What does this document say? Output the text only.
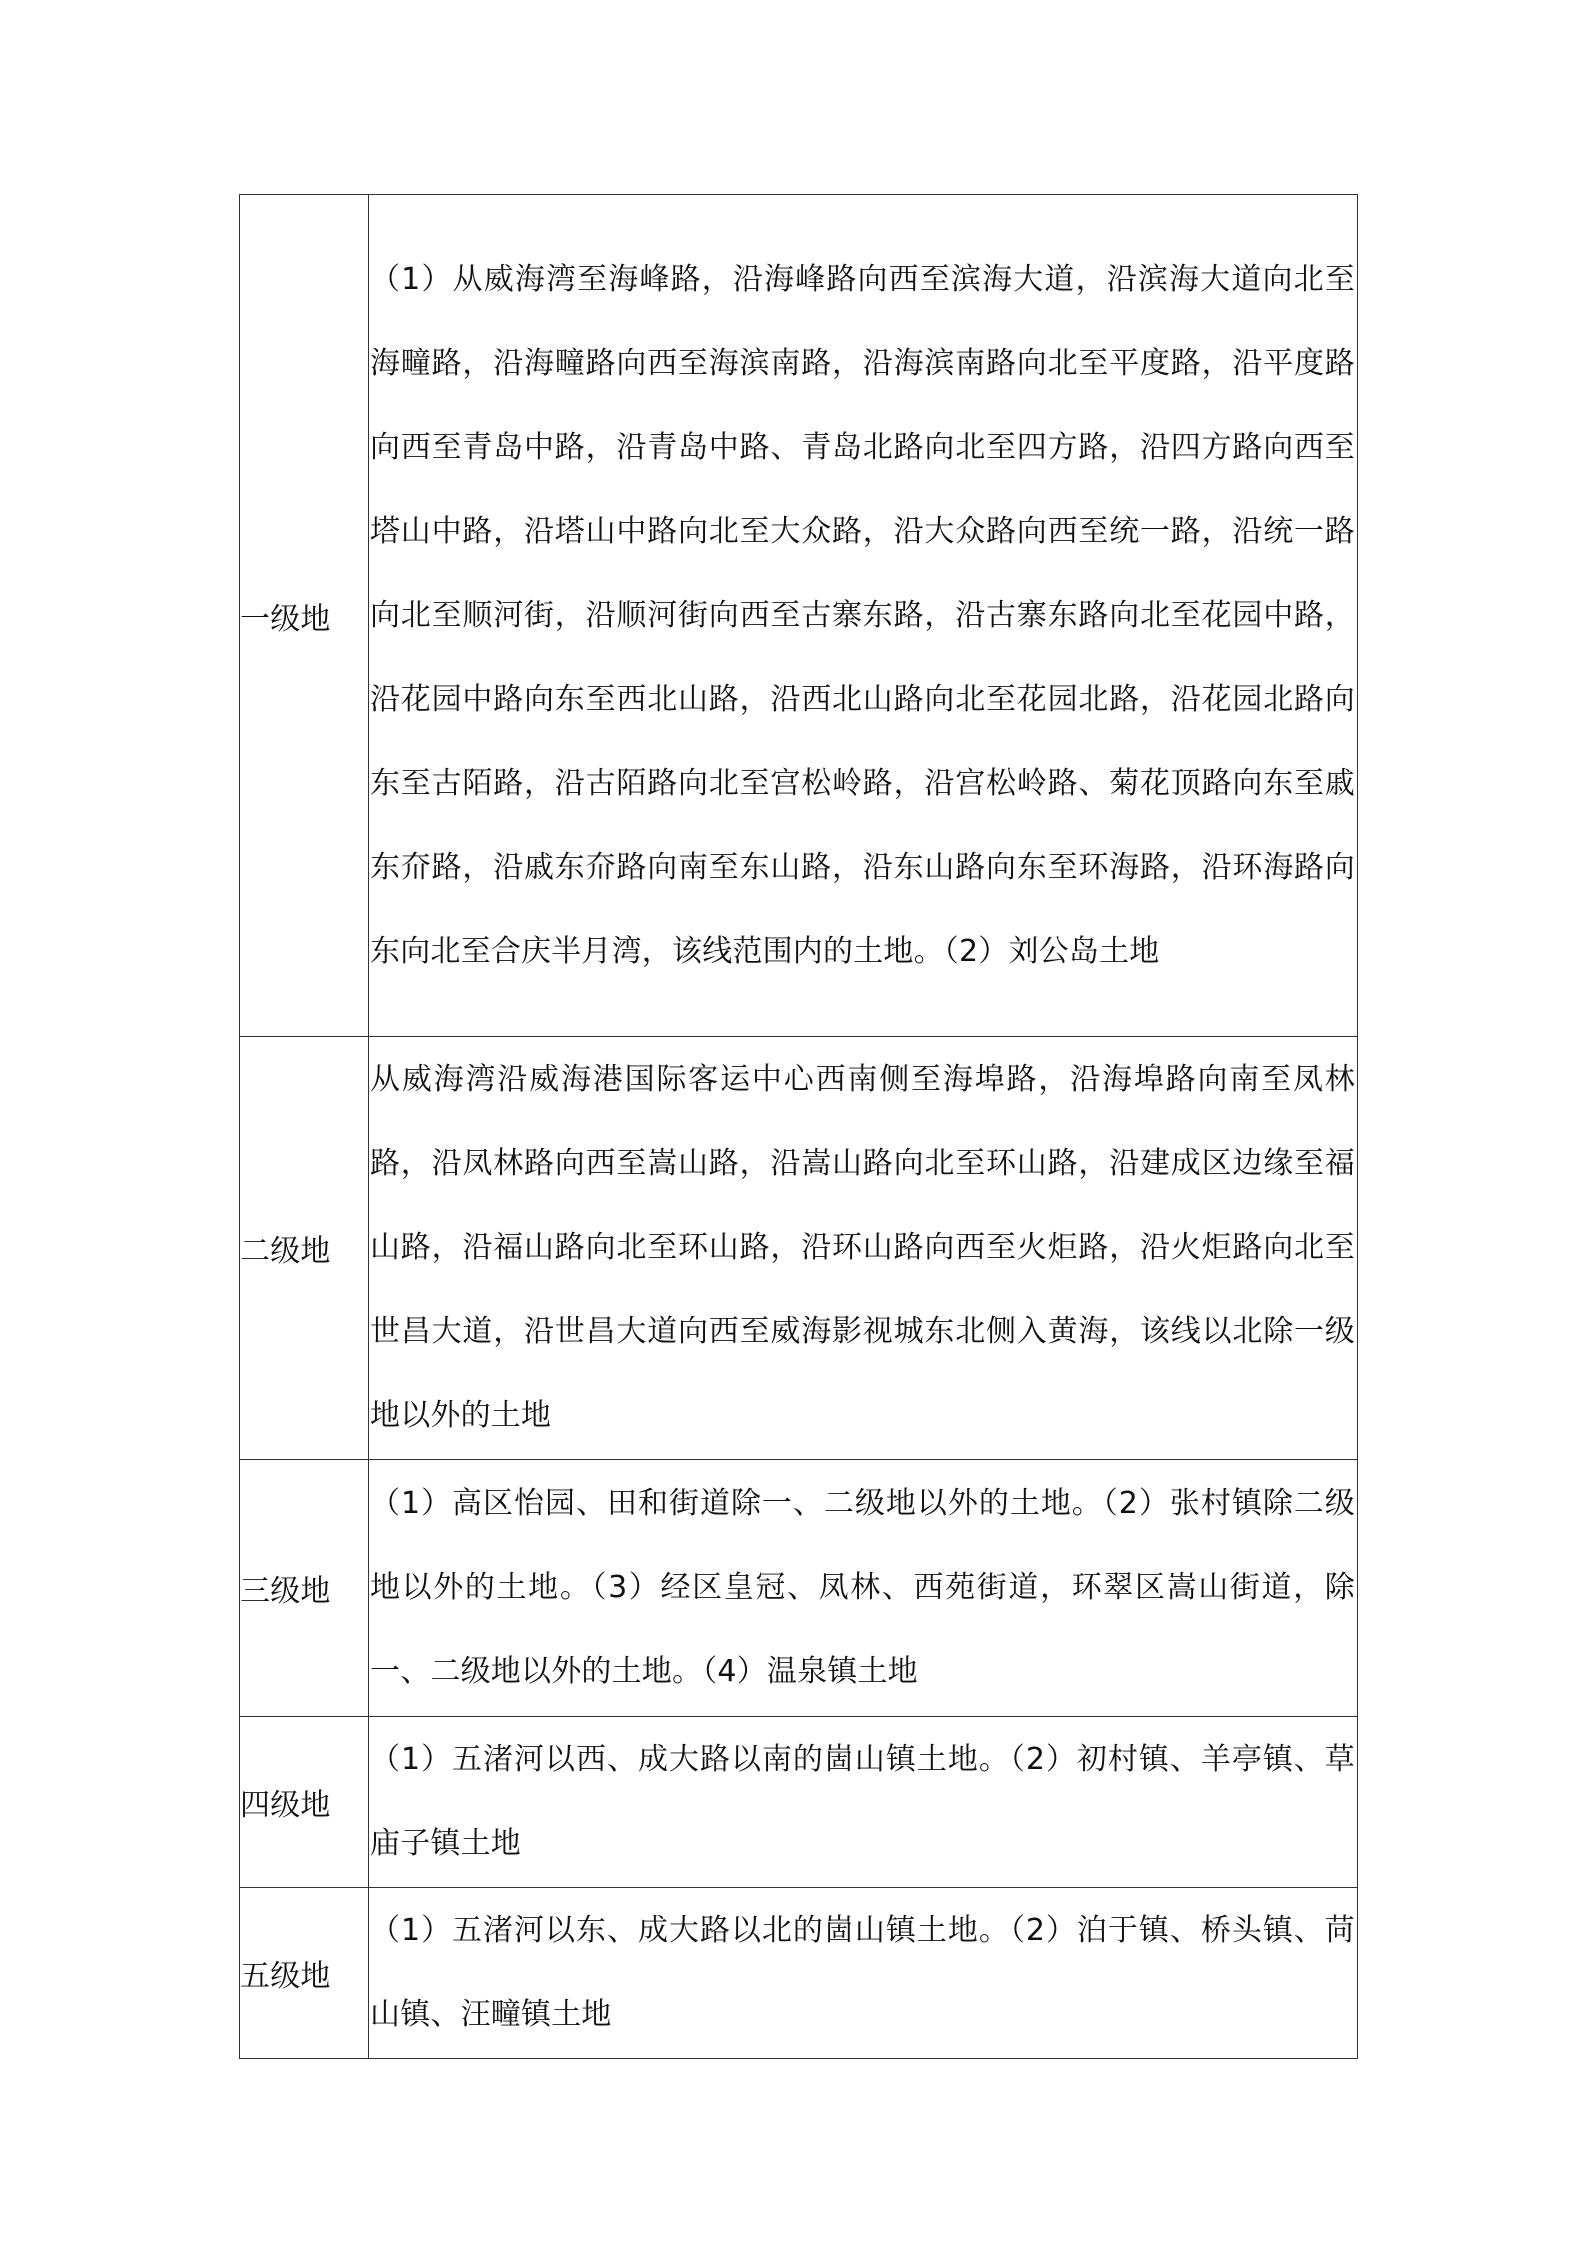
一级地	（1）从威海湾至海峰路，沿海峰路向西至滨海大道，沿滨海大道向北至海疃路，沿海疃路向西至海滨南路，沿海滨南路向北至平度路，沿平度路向西至青岛中路，沿青岛中路、青岛北路向北至四方路，沿四方路向西至塔山中路，沿塔山中路向北至大众路，沿大众路向西至统一路，沿统一路向北至顺河街，沿顺河街向西至古寨东路，沿古寨东路向北至花园中路，沿花园中路向东至西北山路，沿西北山路向北至花园北路，沿花园北路向东至古陌路，沿古陌路向北至宫松岭路，沿宫松岭路、菊花顶路向东至戚东夼路，沿戚东夼路向南至东山路，沿东山路向东至环海路，沿环海路向东向北至合庆半月湾，该线范围内的土地。（2）刘公岛土地

二级地	从威海湾沿威海港国际客运中心西南侧至海埠路，沿海埠路向南至凤林路，沿凤林路向西至嵩山路，沿嵩山路向北至环山路，沿建成区边缘至福山路，沿福山路向北至环山路，沿环山路向西至火炬路，沿火炬路向北至世昌大道，沿世昌大道向西至威海影视城东北侧入黄海，该线以北除一级地以外的土地

三级地	（1）高区怡园、田和街道除一、二级地以外的土地。（2）张村镇除二级地以外的土地。（3）经区皇冠、凤林、西苑街道，环翠区嵩山街道，除一、二级地以外的土地。（4）温泉镇土地

四级地	（1）五渚河以西、成大路以南的崮山镇土地。（2）初村镇、羊亭镇、草庙子镇土地

五级地	（1）五渚河以东、成大路以北的崮山镇土地。（2）泊于镇、桥头镇、苘山镇、汪疃镇土地
